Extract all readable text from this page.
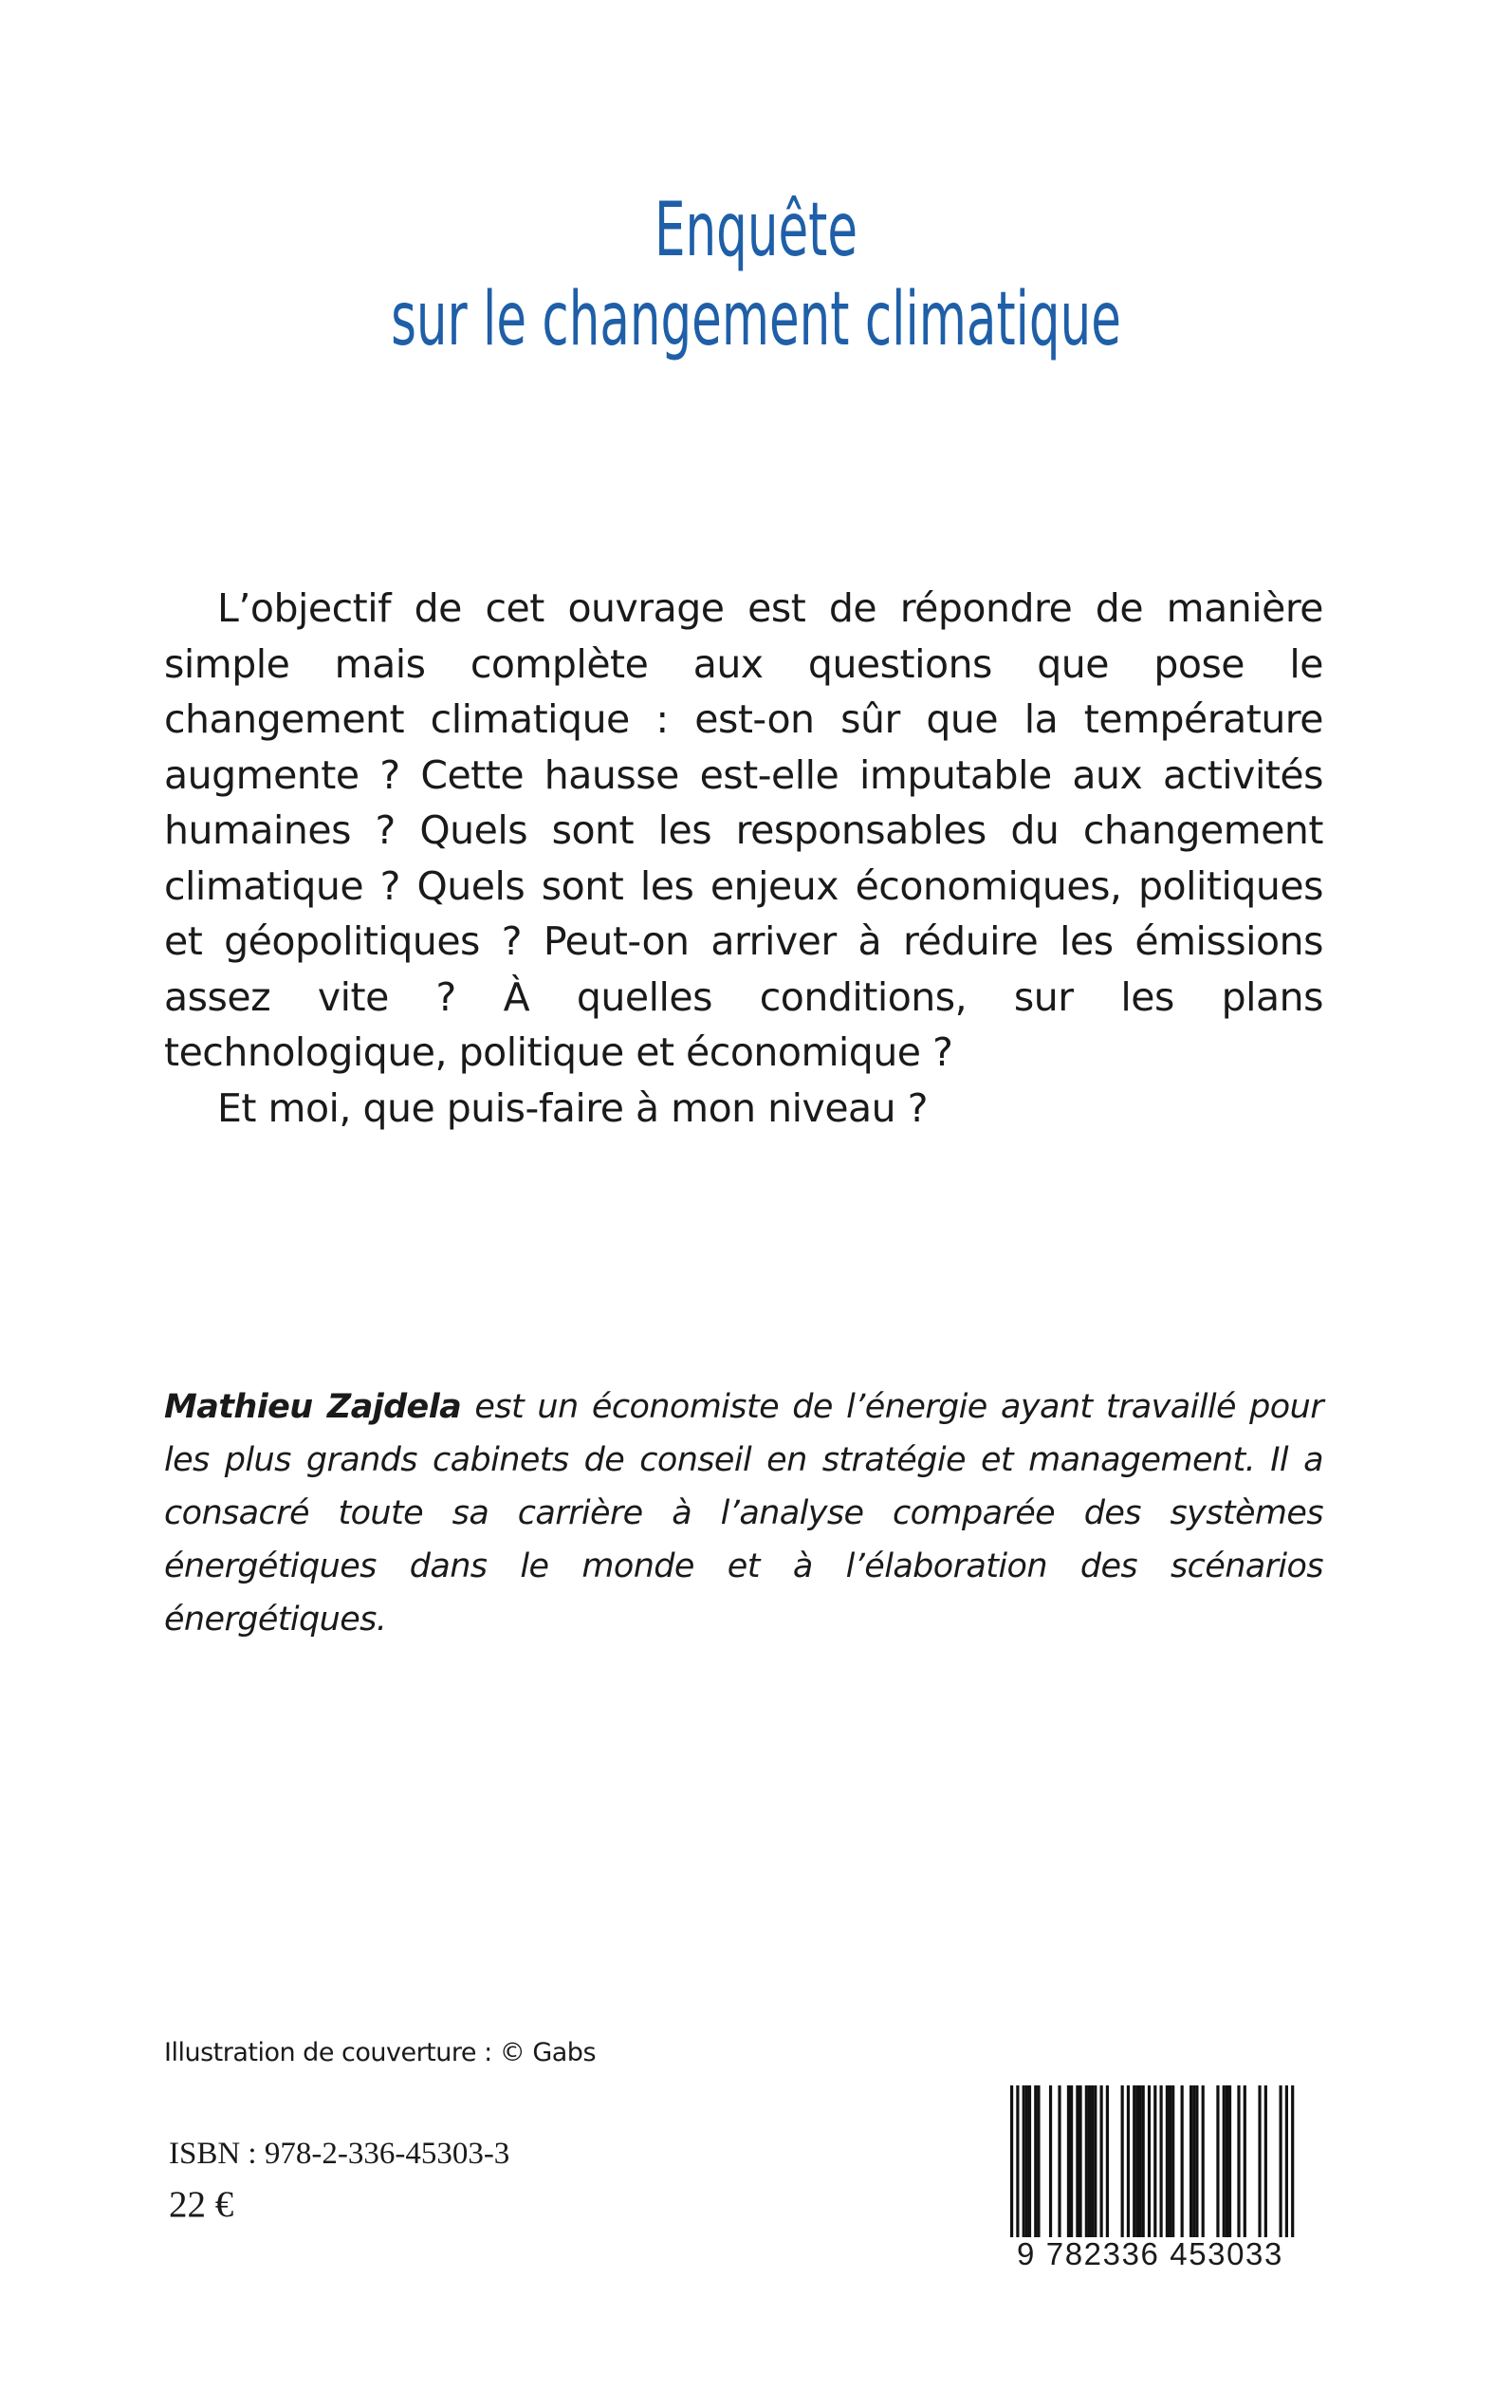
Enquête
sur le changement climatique

L’objectif de cet ouvrage est de répondre de manière simple mais complète aux questions que pose le changement climatique : est-on sûr que la température augmente ? Cette hausse est-elle imputable aux activités humaines ? Quels sont les responsables du changement climatique ? Quels sont les enjeux économiques, politiques et géopolitiques ? Peut-on arriver à réduire les émissions assez vite ? À quelles conditions, sur les plans technologique, politique et économique ?

Et moi, que puis-faire à mon niveau ?

Mathieu Zajdela est un économiste de l’énergie ayant travaillé pour les plus grands cabinets de conseil en stratégie et management. Il a consacré toute sa carrière à l’analyse comparée des systèmes énergétiques dans le monde et à l’élaboration des scénarios énergétiques.

Illustration de couverture : © Gabs

ISBN : 978-2-336-45303-3

22 €

9 782336 453033
